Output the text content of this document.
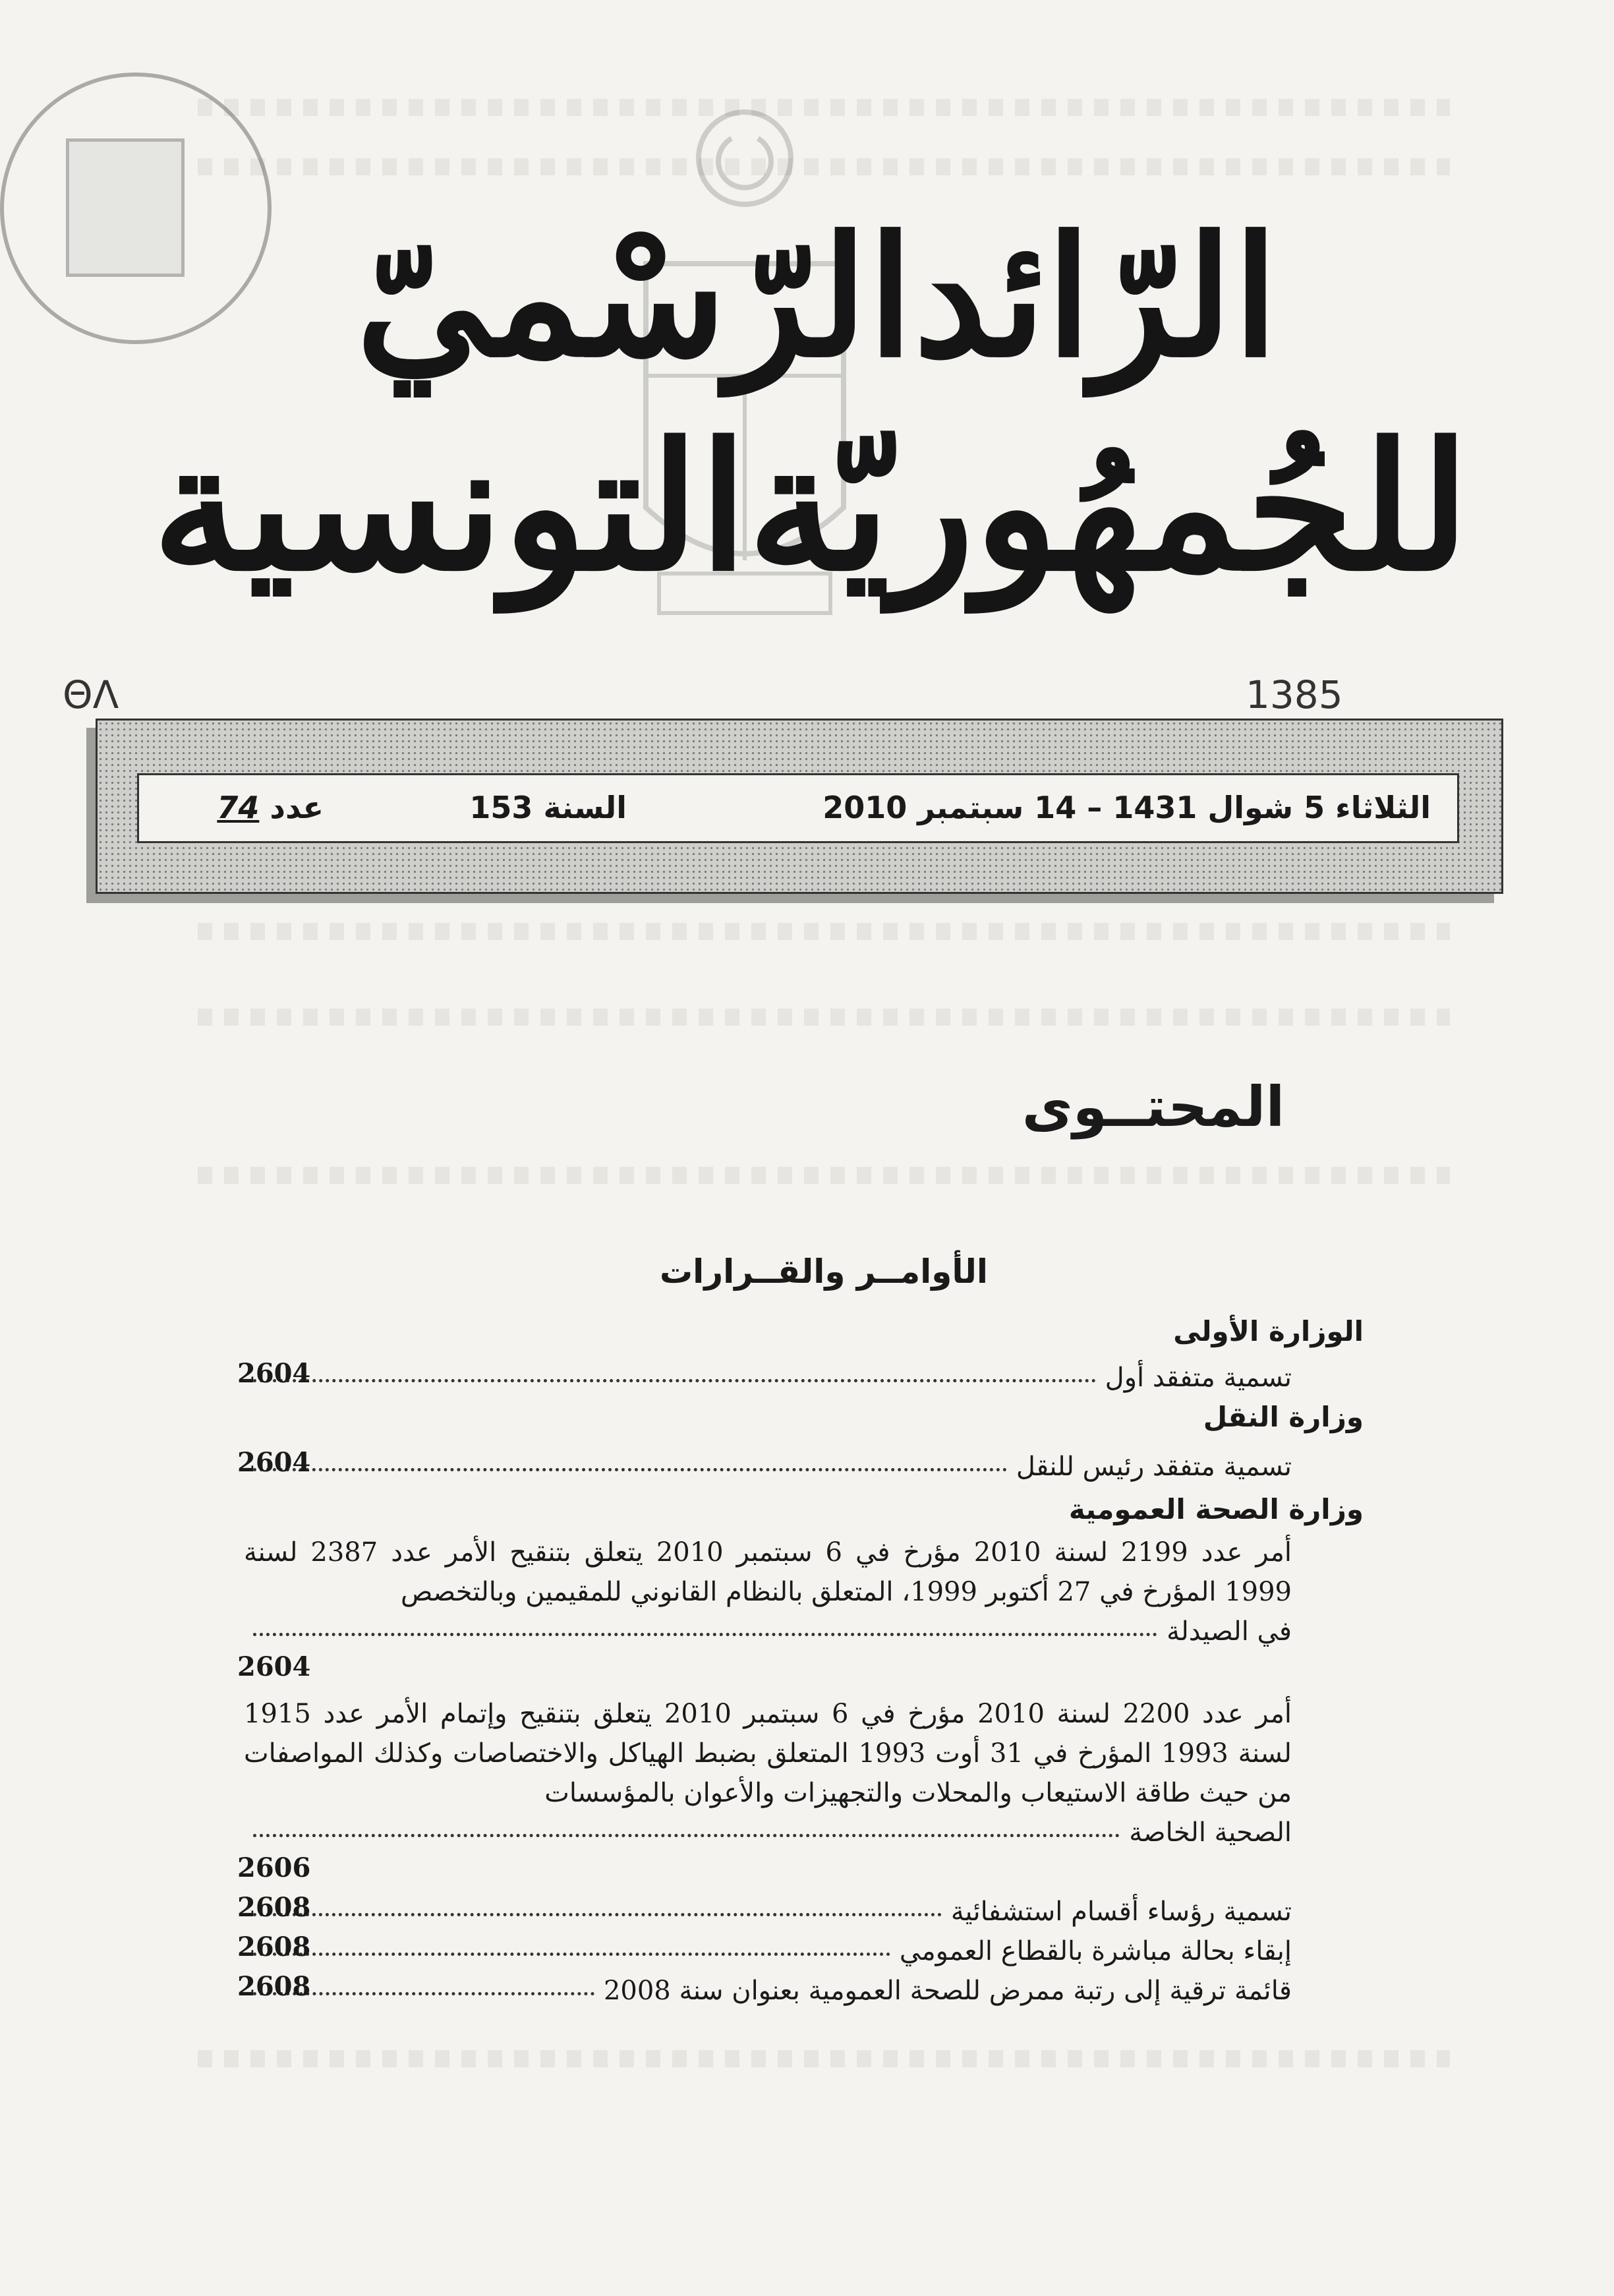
الرّائدالرّسْميّ
للجُمهُوريّةالتونسية
ΘΛ	1385
الثلاثاء 5 شوال 1431 – 14 سبتمبر 2010
السنة 153
عدد 74
المحتــوى
الأوامــر والقــرارات
الوزارة الأولى
تسمية متفقد أول
2604
وزارة النقل
تسمية متفقد رئيس للنقل
2604
وزارة الصحة العمومية
أمر عدد 2199 لسنة 2010 مؤرخ في 6 سبتمبر 2010 يتعلق بتنقيح الأمر عدد 2387 لسنة 1999 المؤرخ في 27 أكتوبر 1999، المتعلق بالنظام القانوني للمقيمين وبالتخصص
في الصيدلة
2604
أمر عدد 2200 لسنة 2010 مؤرخ في 6 سبتمبر 2010 يتعلق بتنقيح وإتمام الأمر عدد 1915 لسنة 1993 المؤرخ في 31 أوت 1993 المتعلق بضبط الهياكل والاختصاصات وكذلك المواصفات من حيث طاقة الاستيعاب والمحلات والتجهيزات والأعوان بالمؤسسات
الصحية الخاصة
2606
تسمية رؤساء أقسام استشفائية
2608
إبقاء بحالة مباشرة بالقطاع العمومي
2608
قائمة ترقية إلى رتبة ممرض للصحة العمومية بعنوان سنة 2008
2608
